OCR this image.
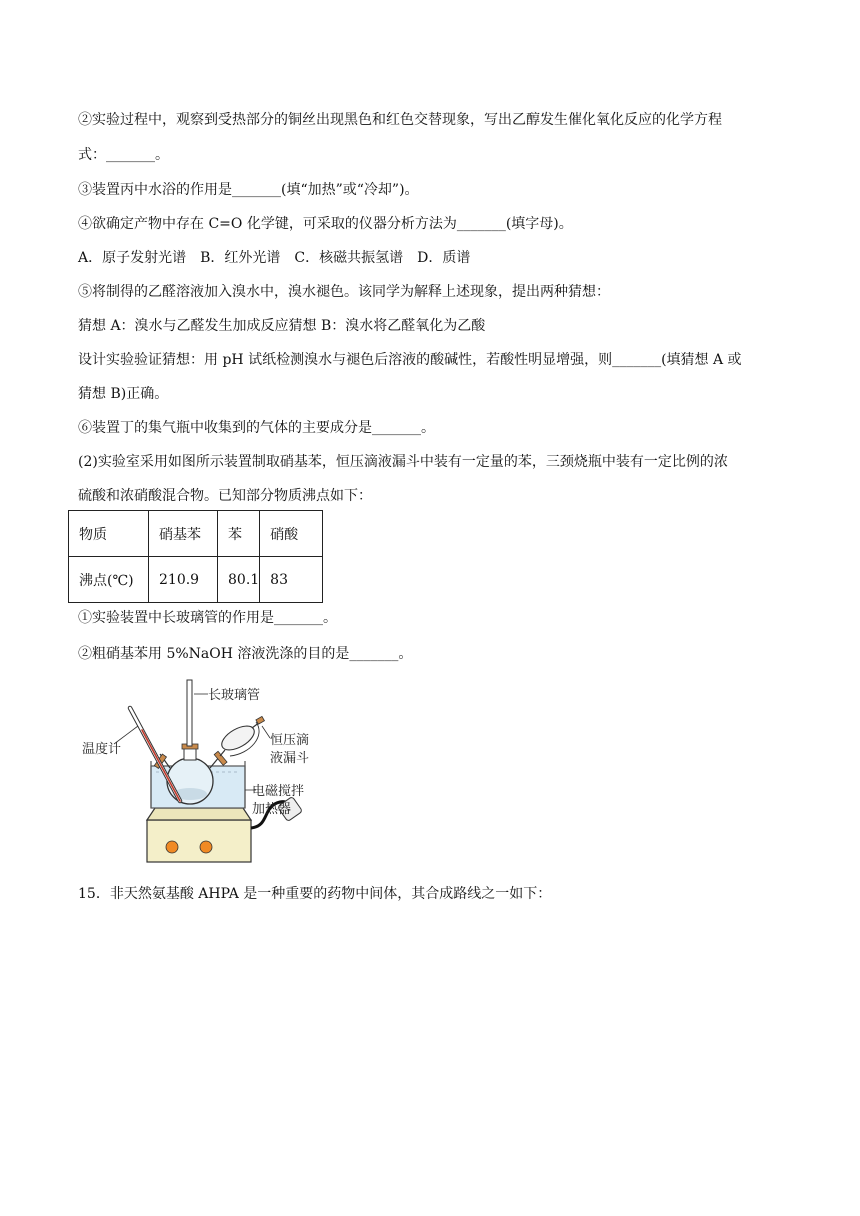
②实验过程中，观察到受热部分的铜丝出现黑色和红色交替现象，写出乙醇发生催化氧化反应的化学方程
式：_______。
③装置丙中水浴的作用是_______(填“加热”或“冷却”)。
④欲确定产物中存在 C=O 化学键，可采取的仪器分析方法为_______(填字母)。
A．原子发射光谱　B．红外光谱　C．核磁共振氢谱　D．质谱
⑤将制得的乙醛溶液加入溴水中，溴水褪色。该同学为解释上述现象，提出两种猜想：
猜想 A：溴水与乙醛发生加成反应猜想 B：溴水将乙醛氧化为乙酸
设计实验验证猜想：用 pH 试纸检测溴水与褪色后溶液的酸碱性，若酸性明显增强，则_______(填猜想 A 或
猜想 B)正确。
⑥装置丁的集气瓶中收集到的气体的主要成分是_______。
(2)实验室采用如图所示装置制取硝基苯，恒压滴液漏斗中装有一定量的苯，三颈烧瓶中装有一定比例的浓
硫酸和浓硝酸混合物。已知部分物质沸点如下：
物质	硝基苯	苯	硝酸
沸点(℃)	210.9	80.1	83
①实验装置中长玻璃管的作用是_______。
②粗硝基苯用 5%NaOH 溶液洗涤的目的是_______。
长玻璃管
温度计
恒压滴
液漏斗
电磁搅拌
加热器
15．非天然氨基酸 AHPA 是一种重要的药物中间体，其合成路线之一如下：
